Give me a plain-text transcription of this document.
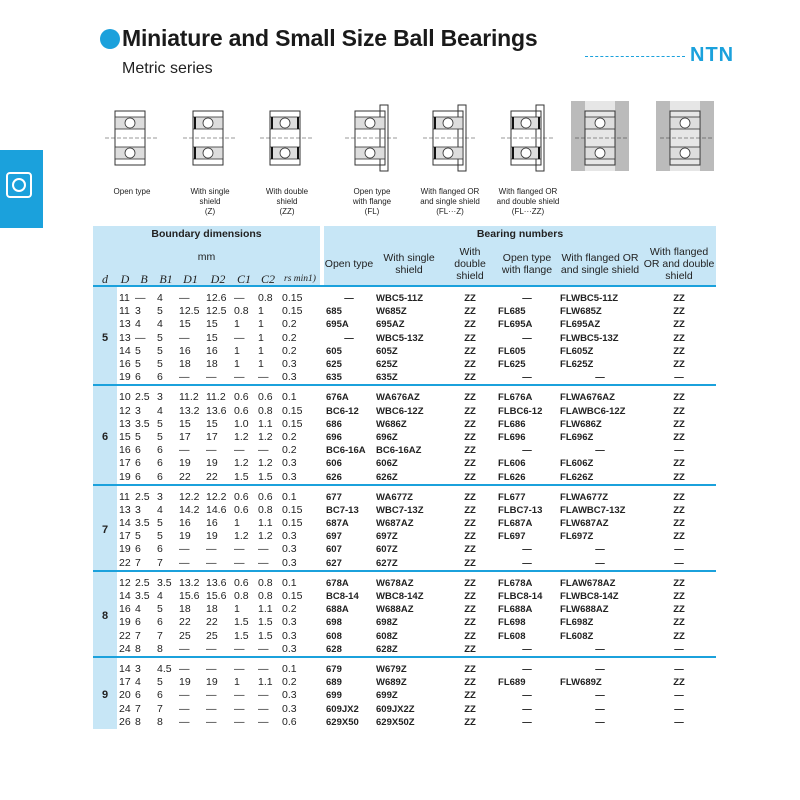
Miniature and Small Size Ball Bearings
Metric series
NTN
Open type	With single
shield
(Z)
With double
shield
(ZZ)
Open type
with flange
(FL)
With flanged OR
and single shield
(FL···Z)
With flanged OR
and double shield
(FL···ZZ)
Boundary dimensions										Bearing numbers					
mm										Open type	With single shield	With double shield	Open type with flange	With flanged OR and single shield	With flanged OR and double shield
d	D	B	B1	D1	D2	C1	C2	rs min1)							

5	11	—	4	—	12.6	—	0.8	0.15		—	WBC5-11Z	ZZ	—	FLWBC5-11Z	ZZ
	11	3	5	12.5	12.5	0.8	1	0.15		685	W685Z	ZZ	FL685	FLW685Z	ZZ
	13	4	4	15	15	1	1	0.2		695A	695AZ	ZZ	FL695A	FL695AZ	ZZ
	13	—	5	—	15	—	1	0.2		—	WBC5-13Z	ZZ	—	FLWBC5-13Z	ZZ
	14	5	5	16	16	1	1	0.2		605	605Z	ZZ	FL605	FL605Z	ZZ
	16	5	5	18	18	1	1	0.3		625	625Z	ZZ	FL625	FL625Z	ZZ
	19	6	6	—	—	—	—	0.3		635	635Z	ZZ	—	—	—

6	10	2.5	3	11.2	11.2	0.6	0.6	0.1		676A	WA676AZ	ZZ	FL676A	FLWA676AZ	ZZ
	12	3	4	13.2	13.6	0.6	0.8	0.15		BC6-12	WBC6-12Z	ZZ	FLBC6-12	FLAWBC6-12Z	ZZ
	13	3.5	5	15	15	1.0	1.1	0.15		686	W686Z	ZZ	FL686	FLW686Z	ZZ
	15	5	5	17	17	1.2	1.2	0.2		696	696Z	ZZ	FL696	FL696Z	ZZ
	16	6	6	—	—	—	—	0.2		BC6-16A	BC6-16AZ	ZZ	—	—	—
	17	6	6	19	19	1.2	1.2	0.3		606	606Z	ZZ	FL606	FL606Z	ZZ
	19	6	6	22	22	1.5	1.5	0.3		626	626Z	ZZ	FL626	FL626Z	ZZ

7	11	2.5	3	12.2	12.2	0.6	0.6	0.1		677	WA677Z	ZZ	FL677	FLWA677Z	ZZ
	13	3	4	14.2	14.6	0.6	0.8	0.15		BC7-13	WBC7-13Z	ZZ	FLBC7-13	FLAWBC7-13Z	ZZ
	14	3.5	5	16	16	1	1.1	0.15		687A	W687AZ	ZZ	FL687A	FLW687AZ	ZZ
	17	5	5	19	19	1.2	1.2	0.3		697	697Z	ZZ	FL697	FL697Z	ZZ
	19	6	6	—	—	—	—	0.3		607	607Z	ZZ	—	—	—
	22	7	7	—	—	—	—	0.3		627	627Z	ZZ	—	—	—

8	12	2.5	3.5	13.2	13.6	0.6	0.8	0.1		678A	W678AZ	ZZ	FL678A	FLAW678AZ	ZZ
	14	3.5	4	15.6	15.6	0.8	0.8	0.15		BC8-14	WBC8-14Z	ZZ	FLBC8-14	FLWBC8-14Z	ZZ
	16	4	5	18	18	1	1.1	0.2		688A	W688AZ	ZZ	FL688A	FLW688AZ	ZZ
	19	6	6	22	22	1.5	1.5	0.3		698	698Z	ZZ	FL698	FL698Z	ZZ
	22	7	7	25	25	1.5	1.5	0.3		608	608Z	ZZ	FL608	FL608Z	ZZ
	24	8	8	—	—	—	—	0.3		628	628Z	ZZ	—	—	—

9	14	3	4.5	—	—	—	—	0.1		679	W679Z	ZZ	—	—	—
	17	4	5	19	19	1	1.1	0.2		689	W689Z	ZZ	FL689	FLW689Z	ZZ
	20	6	6	—	—	—	—	0.3		699	699Z	ZZ	—	—	—
	24	7	7	—	—	—	—	0.3		609JX2	609JX2Z	ZZ	—	—	—
	26	8	8	—	—	—	—	0.6		629X50	629X50Z	ZZ	—	—	—
